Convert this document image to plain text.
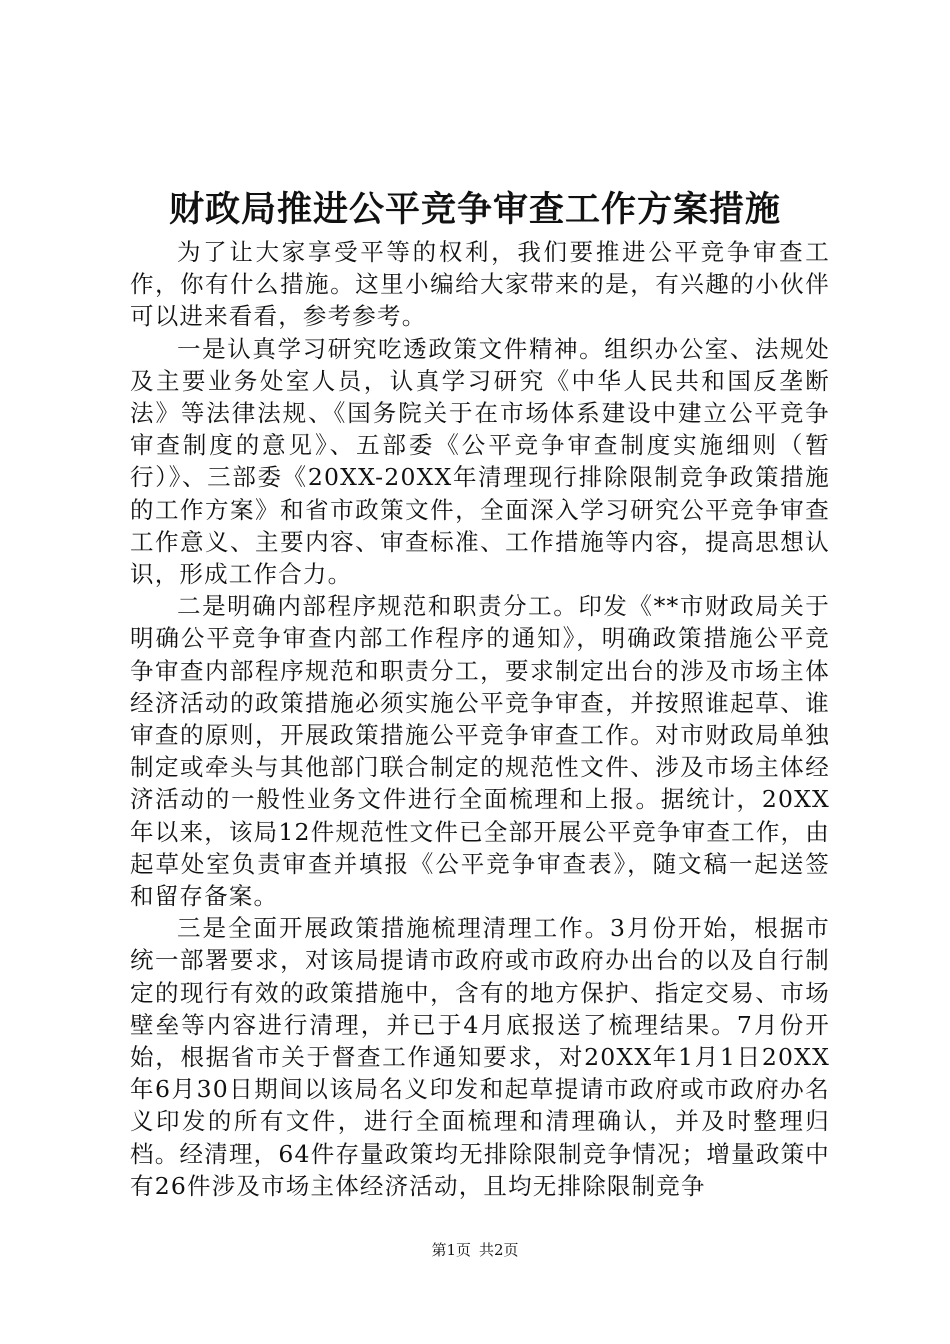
财政局推进公平竞争审查工作方案措施

为了让大家享受平等的权利，我们要推进公平竞争审查工作，你有什么措施。这里小编给大家带来的是，有兴趣的小伙伴可以进来看看，参考参考。

一是认真学习研究吃透政策文件精神。组织办公室、法规处及主要业务处室人员，认真学习研究《中华人民共和国反垄断法》等法律法规、《国务院关于在市场体系建设中建立公平竞争审查制度的意见》、五部委《公平竞争审查制度实施细则（暂行）》、三部委《20XX-20XX年清理现行排除限制竞争政策措施的工作方案》和省市政策文件，全面深入学习研究公平竞争审查工作意义、主要内容、审查标准、工作措施等内容，提高思想认识，形成工作合力。

二是明确内部程序规范和职责分工。印发《**市财政局关于明确公平竞争审查内部工作程序的通知》，明确政策措施公平竞争审查内部程序规范和职责分工，要求制定出台的涉及市场主体经济活动的政策措施必须实施公平竞争审查，并按照谁起草、谁审查的原则，开展政策措施公平竞争审查工作。对市财政局单独制定或牵头与其他部门联合制定的规范性文件、涉及市场主体经济活动的一般性业务文件进行全面梳理和上报。据统计，20XX年以来，该局12件规范性文件已全部开展公平竞争审查工作，由起草处室负责审查并填报《公平竞争审查表》，随文稿一起送签和留存备案。

三是全面开展政策措施梳理清理工作。3月份开始，根据市统一部署要求，对该局提请市政府或市政府办出台的以及自行制定的现行有效的政策措施中，含有的地方保护、指定交易、市场壁垒等内容进行清理，并已于4月底报送了梳理结果。7月份开始，根据省市关于督查工作通知要求，对20XX年1月1日20XX年6月30日期间以该局名义印发和起草提请市政府或市政府办名义印发的所有文件，进行全面梳理和清理确认，并及时整理归档。经清理，64件存量政策均无排除限制竞争情况；增量政策中有26件涉及市场主体经济活动，且均无排除限制竞争

第1页 共2页
